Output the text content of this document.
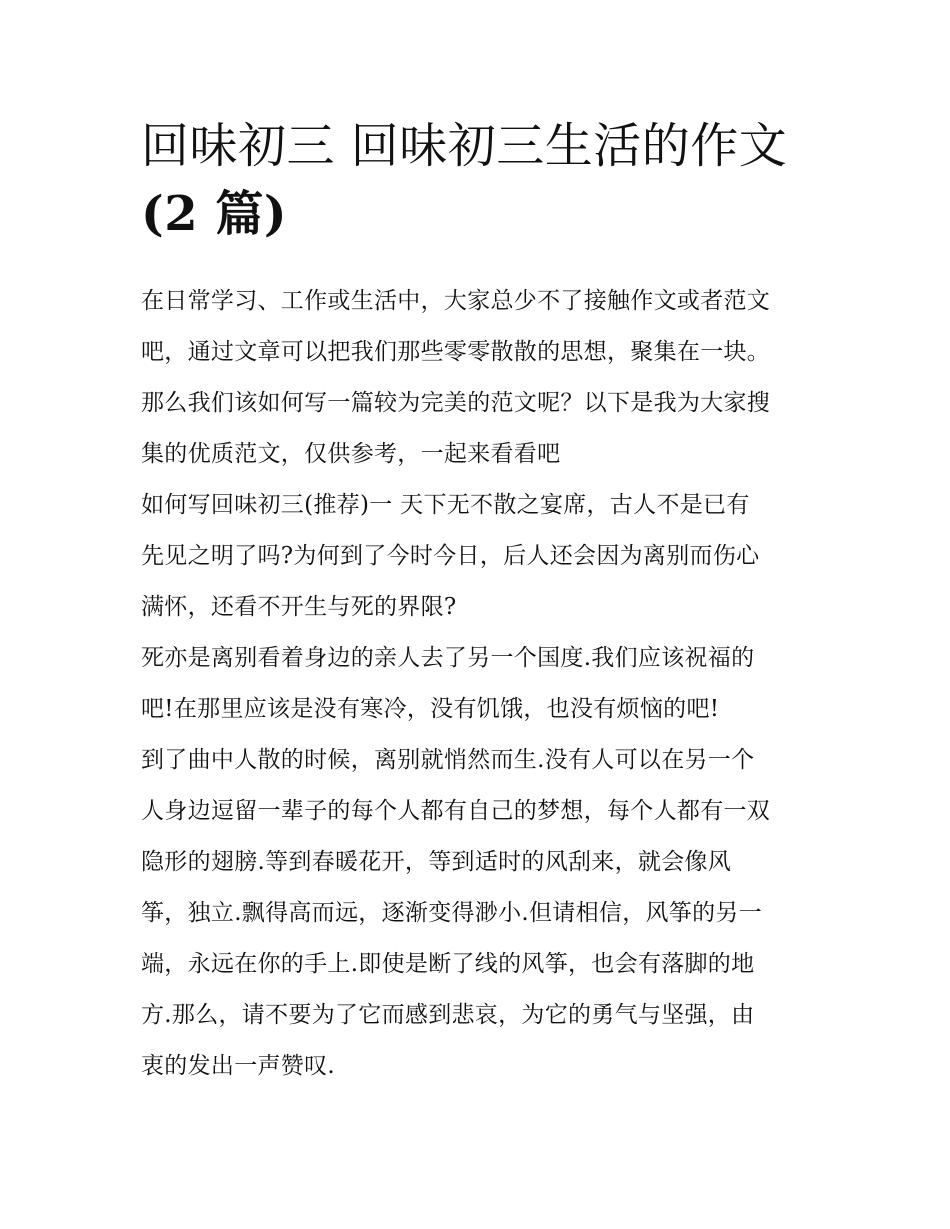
回味初三 回味初三生活的作文
(2 篇)
在日常学习、工作或生活中，大家总少不了接触作文或者范文
吧，通过文章可以把我们那些零零散散的思想，聚集在一块。
那么我们该如何写一篇较为完美的范文呢？以下是我为大家搜
集的优质范文，仅供参考，一起来看看吧
如何写回味初三(推荐)一 天下无不散之宴席，古人不是已有
先见之明了吗?为何到了今时今日，后人还会因为离别而伤心
满怀，还看不开生与死的界限?
死亦是离别看着身边的亲人去了另一个国度.我们应该祝福的
吧!在那里应该是没有寒冷，没有饥饿，也没有烦恼的吧!
到了曲中人散的时候，离别就悄然而生.没有人可以在另一个
人身边逗留一辈子的每个人都有自己的梦想，每个人都有一双
隐形的翅膀.等到春暖花开，等到适时的风刮来，就会像风
筝，独立.飘得高而远，逐渐变得渺小.但请相信，风筝的另一
端，永远在你的手上.即使是断了线的风筝，也会有落脚的地
方.那么，请不要为了它而感到悲哀，为它的勇气与坚强，由
衷的发出一声赞叹.
